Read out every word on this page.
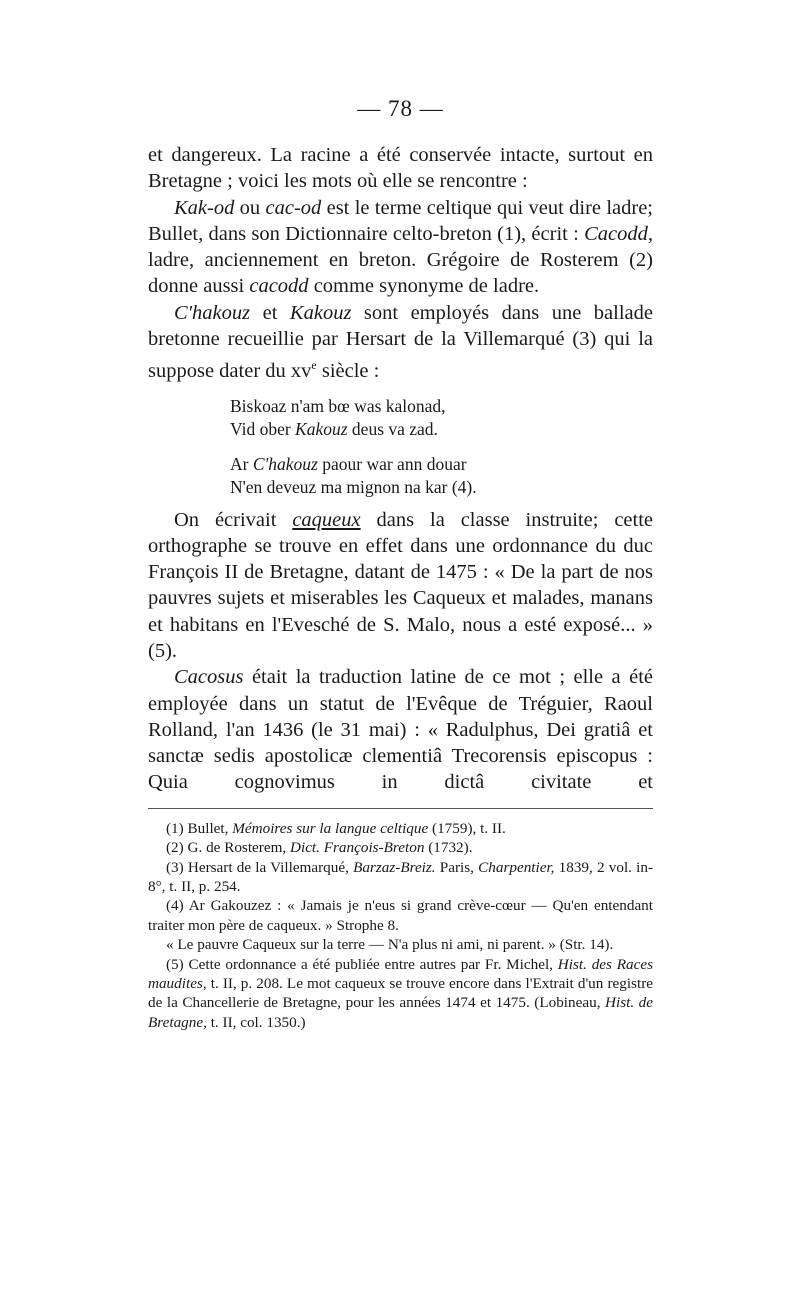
— 78 —

et dangereux. La racine a été conservée intacte, surtout en Bretagne ; voici les mots où elle se rencontre :

Kak-od ou cac-od est le terme celtique qui veut dire ladre; Bullet, dans son Dictionnaire celto-breton (1), écrit : Cacodd, ladre, anciennement en breton. Grégoire de Rosterem (2) donne aussi cacodd comme synonyme de ladre.

C'hakouz et Kakouz sont employés dans une ballade bretonne recueillie par Hersart de la Villemarqué (3) qui la suppose dater du $xv^e$ siècle :

Biskoaz n'am bœ was kalonad,
Vid ober Kakouz deus va zad.
Ar C'hakouz paour war ann douar
N'en deveuz ma mignon na kar (4).

On écrivait caqueux dans la classe instruite; cette orthographe se trouve en effet dans une ordonnance du duc François II de Bretagne, datant de 1475 : « De la part de nos pauvres sujets et miserables les Caqueux et malades, manans et habitans en l'Evesché de S. Malo, nous a esté exposé... » (5).

Cacosus était la traduction latine de ce mot ; elle a été employée dans un statut de l'Evêque de Tréguier, Raoul Rolland, l'an 1436 (le 31 mai) : « Radulphus, Dei gratiâ et sanctæ sedis apostolicæ clementiâ Trecorensis episcopus : Quia cognovimus in dictâ civitate et

(1) Bullet, Mémoires sur la langue celtique (1759), t. II.

(2) G. de Rosterem, Dict. François-Breton (1732).

(3) Hersart de la Villemarqué, Barzaz-Breiz. Paris, Charpentier, 1839, 2 vol. in-8°, t. II, p. 254.

(4) Ar Gakouzez : « Jamais je n'eus si grand crève-cœur — Qu'en entendant traiter mon père de caqueux. » Strophe 8.

« Le pauvre Caqueux sur la terre — N'a plus ni ami, ni parent. » (Str. 14).

(5) Cette ordonnance a été publiée entre autres par Fr. Michel, Hist. des Races maudites, t. II, p. 208. Le mot caqueux se trouve encore dans l'Extrait d'un registre de la Chancellerie de Bretagne, pour les années 1474 et 1475. (Lobineau, Hist. de Bretagne, t. II, col. 1350.)
